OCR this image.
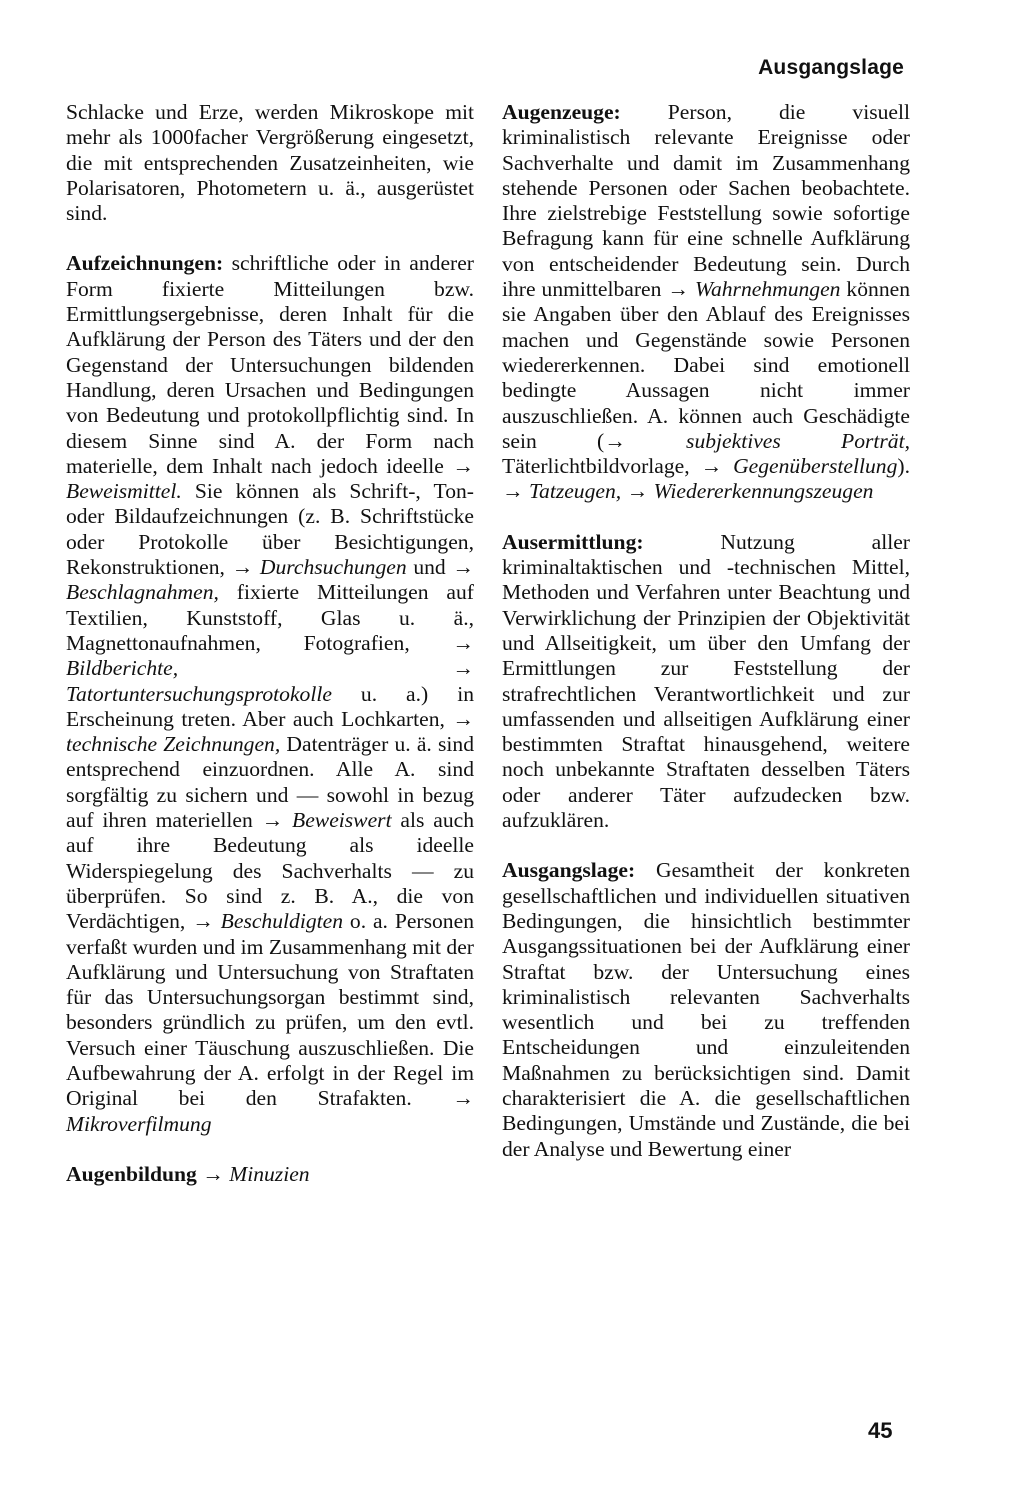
Ausgangslage

Schlacke und Erze, werden Mikroskope mit mehr als 1000facher Vergrößerung eingesetzt, die mit entsprechenden Zusatzeinheiten, wie Polarisatoren, Photometern u. ä., ausgerüstet sind.

Aufzeichnungen: schriftliche oder in anderer Form fixierte Mitteilungen bzw. Ermittlungsergebnisse, deren Inhalt für die Aufklärung der Person des Täters und der den Gegenstand der Untersuchungen bildenden Handlung, deren Ursachen und Bedingungen von Bedeutung und protokollpflichtig sind. In diesem Sinne sind A. der Form nach materielle, dem Inhalt nach jedoch ideelle → Beweismittel. Sie können als Schrift-, Ton- oder Bildaufzeichnungen (z. B. Schriftstücke oder Protokolle über Besichtigungen, Rekonstruktionen, → Durchsuchungen und → Beschlagnahmen, fixierte Mitteilungen auf Textilien, Kunststoff, Glas u. ä., Magnettonaufnahmen, Fotografien, → Bildberichte, → Tatortuntersuchungsprotokolle u. a.) in Erscheinung treten. Aber auch Lochkarten, → technische Zeichnungen, Datenträger u. ä. sind entsprechend einzuordnen. Alle A. sind sorgfältig zu sichern und — sowohl in bezug auf ihren materiellen → Beweiswert als auch auf ihre Bedeutung als ideelle Widerspiegelung des Sachverhalts — zu überprüfen. So sind z. B. A., die von Verdächtigen, → Beschuldigten o. a. Personen verfaßt wurden und im Zusammenhang mit der Aufklärung und Untersuchung von Straftaten für das Untersuchungsorgan bestimmt sind, besonders gründlich zu prüfen, um den evtl. Versuch einer Täuschung auszuschließen. Die Aufbewahrung der A. erfolgt in der Regel im Original bei den Strafakten. → Mikroverfilmung

Augenbildung → Minuzien

Augenzeuge: Person, die visuell kriminalistisch relevante Ereignisse oder Sachverhalte und damit im Zusammenhang stehende Personen oder Sachen beobachtete. Ihre zielstrebige Feststellung sowie sofortige Befragung kann für eine schnelle Aufklärung von entscheidender Bedeutung sein. Durch ihre unmittelbaren → Wahrnehmungen können sie Angaben über den Ablauf des Ereignisses machen und Gegenstände sowie Personen wiedererkennen. Dabei sind emotionell bedingte Aussagen nicht immer auszuschließen. A. können auch Geschädigte sein (→ subjektives Porträt, Täterlichtbildvorlage, → Gegenüberstellung). → Tatzeugen, → Wiedererkennungszeugen

Ausermittlung: Nutzung aller kriminaltaktischen und -technischen Mittel, Methoden und Verfahren unter Beachtung und Verwirklichung der Prinzipien der Objektivität und Allseitigkeit, um über den Umfang der Ermittlungen zur Feststellung der strafrechtlichen Verantwortlichkeit und zur umfassenden und allseitigen Aufklärung einer bestimmten Straftat hinausgehend, weitere noch unbekannte Straftaten desselben Täters oder anderer Täter aufzudecken bzw. aufzuklären.

Ausgangslage: Gesamtheit der konkreten gesellschaftlichen und individuellen situativen Bedingungen, die hinsichtlich bestimmter Ausgangssituationen bei der Aufklärung einer Straftat bzw. der Untersuchung eines kriminalistisch relevanten Sachverhalts wesentlich und bei zu treffenden Entscheidungen und einzuleitenden Maßnahmen zu berücksichtigen sind. Damit charakterisiert die A. die gesellschaftlichen Bedingungen, Umstände und Zustände, die bei der Analyse und Bewertung einer

45
